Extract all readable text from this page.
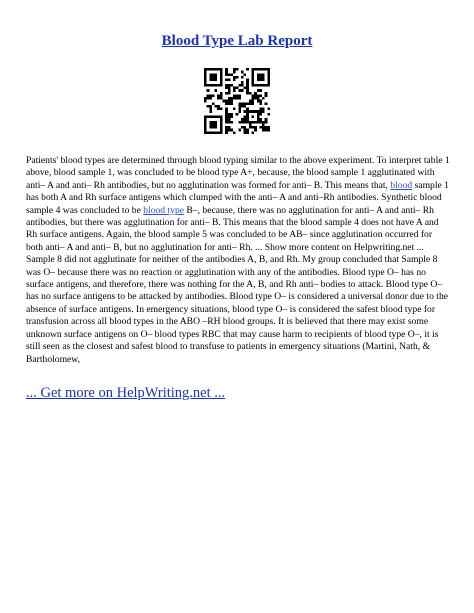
Blood Type Lab Report

Patients' blood types are determined through blood typing similar to the above experiment. To interpret table 1 above, blood sample 1, was concluded to be blood type A+, because, the blood sample 1 agglutinated with anti– A and anti– Rh antibodies, but no agglutination was formed for anti– B. This means that, blood sample 1 has both A and Rh surface antigens which clumped with the anti– A and anti–Rh antibodies. Synthetic blood sample 4 was concluded to be blood type B–, because, there was no agglutination for anti– A and anti– Rh antibodies, but there was agglutination for anti– B. This means that the blood sample 4 does not have A and Rh surface antigens. Again, the blood sample 5 was concluded to be AB– since agglutination occurred for both anti– A and anti– B, but no agglutination for anti– Rh. ... Show more content on Helpwriting.net ...

Sample 8 did not agglutinate for neither of the antibodies A, B, and Rh. My group concluded that Sample 8 was O– because there was no reaction or agglutination with any of the antibodies. Blood type O– has no surface antigens, and therefore, there was nothing for the A, B, and Rh anti– bodies to attack. Blood type O– has no surface antigens to be attacked by antibodies. Blood type O– is considered a universal donor due to the absence of surface antigens. In emergency situations, blood type O– is considered the safest blood type for transfusion across all blood types in the ABO –RH blood groups. It is believed that there may exist some unknown surface antigens on O– blood types RBC that may cause harm to recipients of blood type O–, it is still seen as the closest and safest blood to transfuse to patients in emergency situations (Martini, Nath, & Bartholomew,

... Get more on HelpWriting.net ...
